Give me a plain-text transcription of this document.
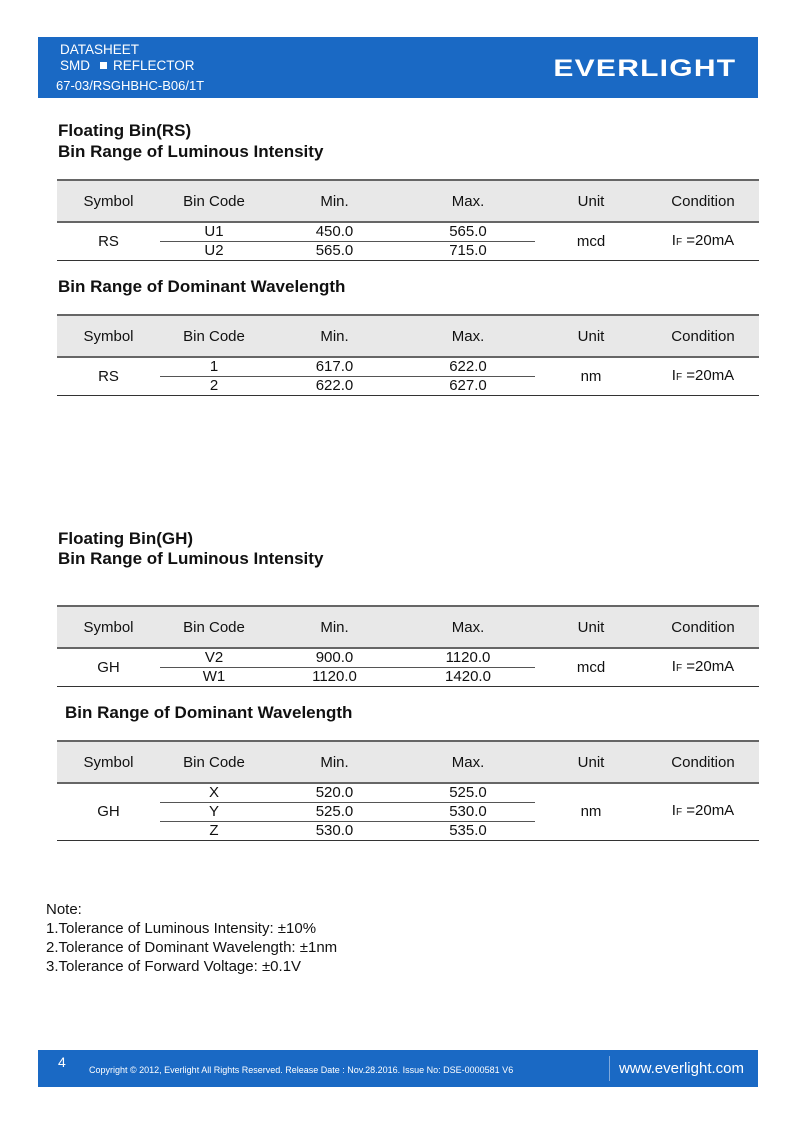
DATASHEET
SMD REFLECTOR
67-03/RSGHBHC-B06/1T
EVERLIGHT
Floating Bin(RS)
Bin Range of Luminous Intensity
Symbol	Bin Code	Min.	Max.	Unit	Condition
RS	U1	450.0	565.0	mcd	IF =20mA
	U2	565.0	715.0		
Bin Range of Dominant Wavelength
Symbol	Bin Code	Min.	Max.	Unit	Condition
RS	1	617.0	622.0	nm	IF =20mA
	2	622.0	627.0		
Floating Bin(GH)
Bin Range of Luminous Intensity
Symbol	Bin Code	Min.	Max.	Unit	Condition
GH	V2	900.0	1120.0	mcd	IF =20mA
	W1	1120.0	1420.0		
Bin Range of Dominant Wavelength
Symbol	Bin Code	Min.	Max.	Unit	Condition
GH	X	520.0	525.0	nm	IF =20mA
	Y	525.0	530.0		
	Z	530.0	535.0		
Note:
1.Tolerance of Luminous Intensity: ±10%
2.Tolerance of Dominant Wavelength: ±1nm
3.Tolerance of Forward Voltage: ±0.1V
4	Copyright © 2012, Everlight All Rights Reserved. Release Date : Nov.28.2016. Issue No: DSE-0000581 V6	www.everlight.com
